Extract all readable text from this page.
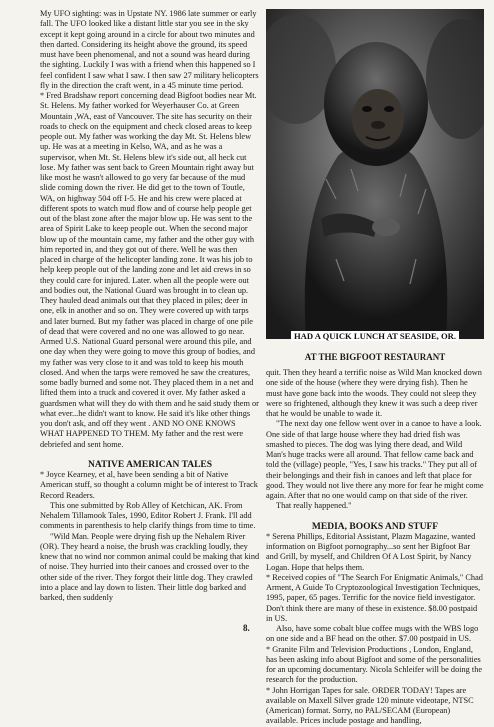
My UFO sighting: was in Upstate NY. 1986 late summer or early fall. The UFO looked like a distant little star you see in the sky except it kept going around in a circle for about two minutes and then darted. Considering its height above the ground, its speed must have been phenomenal, and not a sound was heard during the sighting. Luckily I was with a friend when this happened so I feel confident I saw what I saw. I then saw 27 military helicopters fly in the direction the craft went, in a 45 minute time period.

* Fred Bradshaw report concerning dead Bigfoot bodies near Mt. St. Helens. My father worked for Weyerhauser Co. at Green Mountain ,WA, east of Vancouver. The site has security on their roads to check on the equipment and check closed areas to keep people out. My father was working the day Mt. St. Helens blew up. He was at a meeting in Kelso, WA, and as he was a supervisor, when Mt. St. Helens blew it's side out, all heck cut lose. My father was sent back to Green Mountain right away but like most he wasn't allowed to go very far because of the mud slide coming down the river. He did get to the town of Toutle, WA, on highway 504 off I-5. He and his crew were placed at different spots to watch mud flow and of course help people get out of the blast zone after the major blow up. He was sent to the area of Spirit Lake to keep people out. When the second major blow up of the mountain came, my father and the other guy with him reported in, and they got out of there. Well he was then placed in charge of the helicopter landing zone. It was his job to help keep people out of the landing zone and let aid crews in so they could care for injured. Later. when all the people were out and bodies out, the National Guard was brought in to clean up. They hauled dead animals out that they placed in piles; deer in one, elk in another and so on. They were covered up with tarps and later burned. But my father was placed in charge of one pile of dead that were covered and no one was allowed to go near. Armed U.S. National Guard personal were around this pile, and one day when they were going to move this group of bodies, and my father was very close to it and was told to keep his mouth closed. And when the tarps were removed he saw the creatures, some badly burned and some not. They placed them in a net and lifted them into a truck and covered it over. My father asked a guardsmen what will they do with them and he said study them or what ever...he didn't want to know. He said it's like other things you don't ask, and off they went . AND NO ONE KNOWS WHAT HAPPENED TO THEM. My father and the rest were debriefed and sent home.

NATIVE AMERICAN TALES

* Joyce Kearney, et al, have been sending a bit of Native American stuff, so thought a column might be of interest to Track Record Readers.

This one submitted by Rob Alley of Ketchican, AK. From Nehalem Tillamook Tales, 1990, Editor Robert J. Frank. I'll add comments in parenthesis to help clarify things from time to time.

"Wild Man. People were drying fish up the Nehalem River (OR). They heard a noise, the brush was crackling loudly, they knew that no wind nor common animal could be making that kind of noise. They hurried into their canoes and crossed over to the other side of the river. They forgot their little dog. They crawled into a place and lay down to listen. Their little dog barked and barked, then suddenly

HAD A QUICK LUNCH AT SEASIDE, OR.
AT THE BIGFOOT RESTAURANT

quit. Then they heard a terrific noise as Wild Man knocked down one side of the house (where they were drying fish). Then he must have gone back into the woods. They could not sleep they were so frightened, although they knew it was such a deep river that he would be unable to wade it.

"The next day one fellow went over in a canoe to have a look. One side of that large house where they had dried fish was smashed to pieces. The dog was lying there dead, and Wild Man's huge tracks were all around. That fellow came back and told the (village) people, "Yes, I saw his tracks." They put all of their belongings and their fish in canoes and left that place for good. They would not live there any more for fear he might come again. After that no one would camp on that side of the river.

That really happened."

MEDIA, BOOKS AND STUFF

* Serena Phillips, Editorial Assistant, Plazm Magazine, wanted information on Bigfoot pornography...so sent her Bigfoot Bar and Grill, by myself, and Children Of A Lost Spirit, by Nancy Logan. Hope that helps them.

* Received copies of "The Search For Enigmatic Animals," Chad Arment, A Guide To Cryptozoological Investigation Techniques, 1995, paper, 65 pages. Terrific for the novice field investigator. Don't think there are many of these in existence. $8.00 postpaid in US.

Also, have some cobalt blue coffee mugs with the WBS logo on one side and a BF head on the other. $7.00 postpaid in US.

* Granite Film and Television Productions , London, England, has been asking info about Bigfoot and some of the personalities for an upcoming documentary. Nicola Schleifer will be doing the research for the production.

* John Horrigan Tapes for sale. ORDER TODAY! Tapes are available on Maxell Silver grade 120 minute videotape, NTSC (American) format. Sorry, no PAL/SECAM (European) available. Prices include postage and handling,

8.
